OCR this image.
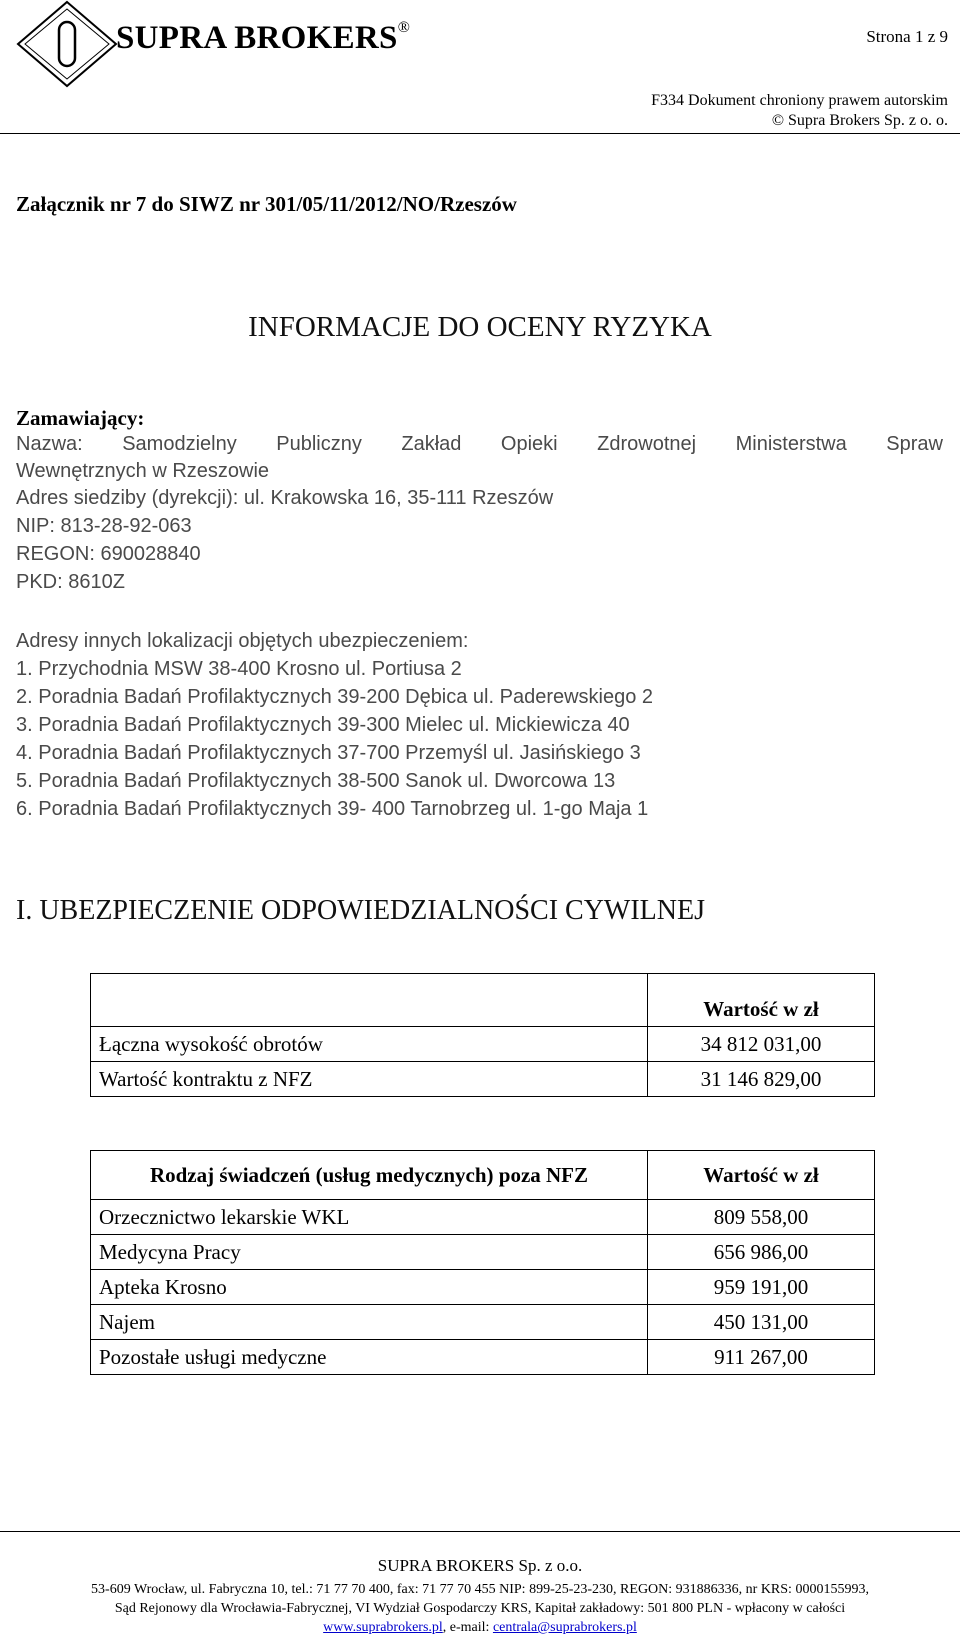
SUPRA BROKERS®	Strona 1 z 9
F334 Dokument chroniony prawem autorskim
© Supra Brokers Sp. z o. o.
Załącznik nr 7 do SIWZ nr 301/05/11/2012/NO/Rzeszów
INFORMACJE DO OCENY RYZYKA
Zamawiający:
Nazwa: Samodzielny Publiczny Zakład Opieki Zdrowotnej Ministerstwa Spraw
Wewnętrznych w Rzeszowie
Adres siedziby (dyrekcji): ul. Krakowska 16, 35-111 Rzeszów
NIP: 813-28-92-063
REGON: 690028840
PKD: 8610Z
Adresy innych lokalizacji objętych ubezpieczeniem:
1. Przychodnia MSW 38-400 Krosno ul. Portiusa 2
2. Poradnia Badań Profilaktycznych 39-200 Dębica ul. Paderewskiego 2
3. Poradnia Badań Profilaktycznych 39-300 Mielec ul. Mickiewicza 40
4. Poradnia Badań Profilaktycznych 37-700 Przemyśl ul. Jasińskiego 3
5. Poradnia Badań Profilaktycznych 38-500 Sanok ul. Dworcowa 13
6. Poradnia Badań Profilaktycznych 39- 400 Tarnobrzeg ul. 1-go Maja 1
I. UBEZPIECZENIE ODPOWIEDZIALNOŚCI CYWILNEJ
	Wartość w zł
Łączna wysokość obrotów	34 812 031,00
Wartość kontraktu z NFZ	31 146 829,00
Rodzaj świadczeń (usług medycznych) poza NFZ	Wartość w zł
Orzecznictwo lekarskie WKL	809 558,00
Medycyna Pracy	656 986,00
Apteka Krosno	959 191,00
Najem	450 131,00
Pozostałe usługi medyczne	911 267,00
SUPRA BROKERS Sp. z o.o.
53-609 Wrocław, ul. Fabryczna 10, tel.: 71 77 70 400, fax: 71 77 70 455 NIP: 899-25-23-230, REGON: 931886336, nr KRS: 0000155993,
Sąd Rejonowy dla Wrocławia-Fabrycznej, VI Wydział Gospodarczy KRS, Kapitał zakładowy: 501 800 PLN - wpłacony w całości
www.suprabrokers.pl, e-mail: centrala@suprabrokers.pl
